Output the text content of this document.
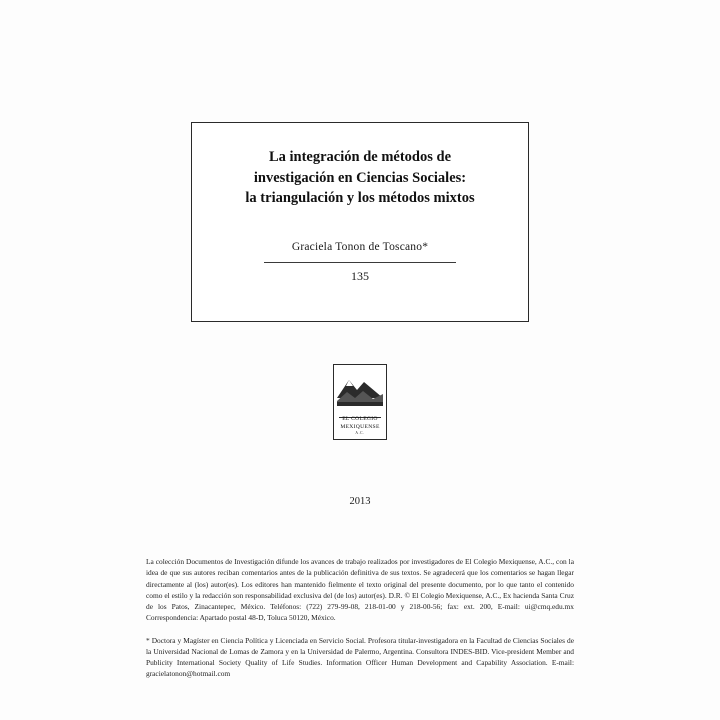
La integración de métodos de
investigación en Ciencias Sociales:
la triangulación y los métodos mixtos
Graciela Tonon de Toscano*
135
EL COLEGIO
MEXIQUENSE
A.C.
2013

La colección Documentos de Investigación difunde los avances de trabajo realizados por investigadores de El Colegio Mexiquense, A.C., con la idea de que sus autores reciban comentarios antes de la publicación definitiva de sus textos. Se agradecerá que los comentarios se hagan llegar directamente al (los) autor(es). Los editores han mantenido fielmente el texto original del presente documento, por lo que tanto el contenido como el estilo y la redacción son responsabilidad exclusiva del (de los) autor(es). D.R. © El Colegio Mexiquense, A.C., Ex hacienda Santa Cruz de los Patos, Zinacantepec, México. Teléfonos: (722) 279-99-08, 218-01-00 y 218-00-56; fax: ext. 200, E-mail: ui@cmq.edu.mx Correspondencia: Apartado postal 48-D, Toluca 50120, México.

* Doctora y Magíster en Ciencia Política y Licenciada en Servicio Social. Profesora titular-investigadora en la Facultad de Ciencias Sociales de la Universidad Nacional de Lomas de Zamora y en la Universidad de Palermo, Argentina. Consultora INDES-BID. Vice-president Member and Publicity International Society Quality of Life Studies. Information Officer Human Development and Capability Association. E-mail: gracielatonon@hotmail.com
